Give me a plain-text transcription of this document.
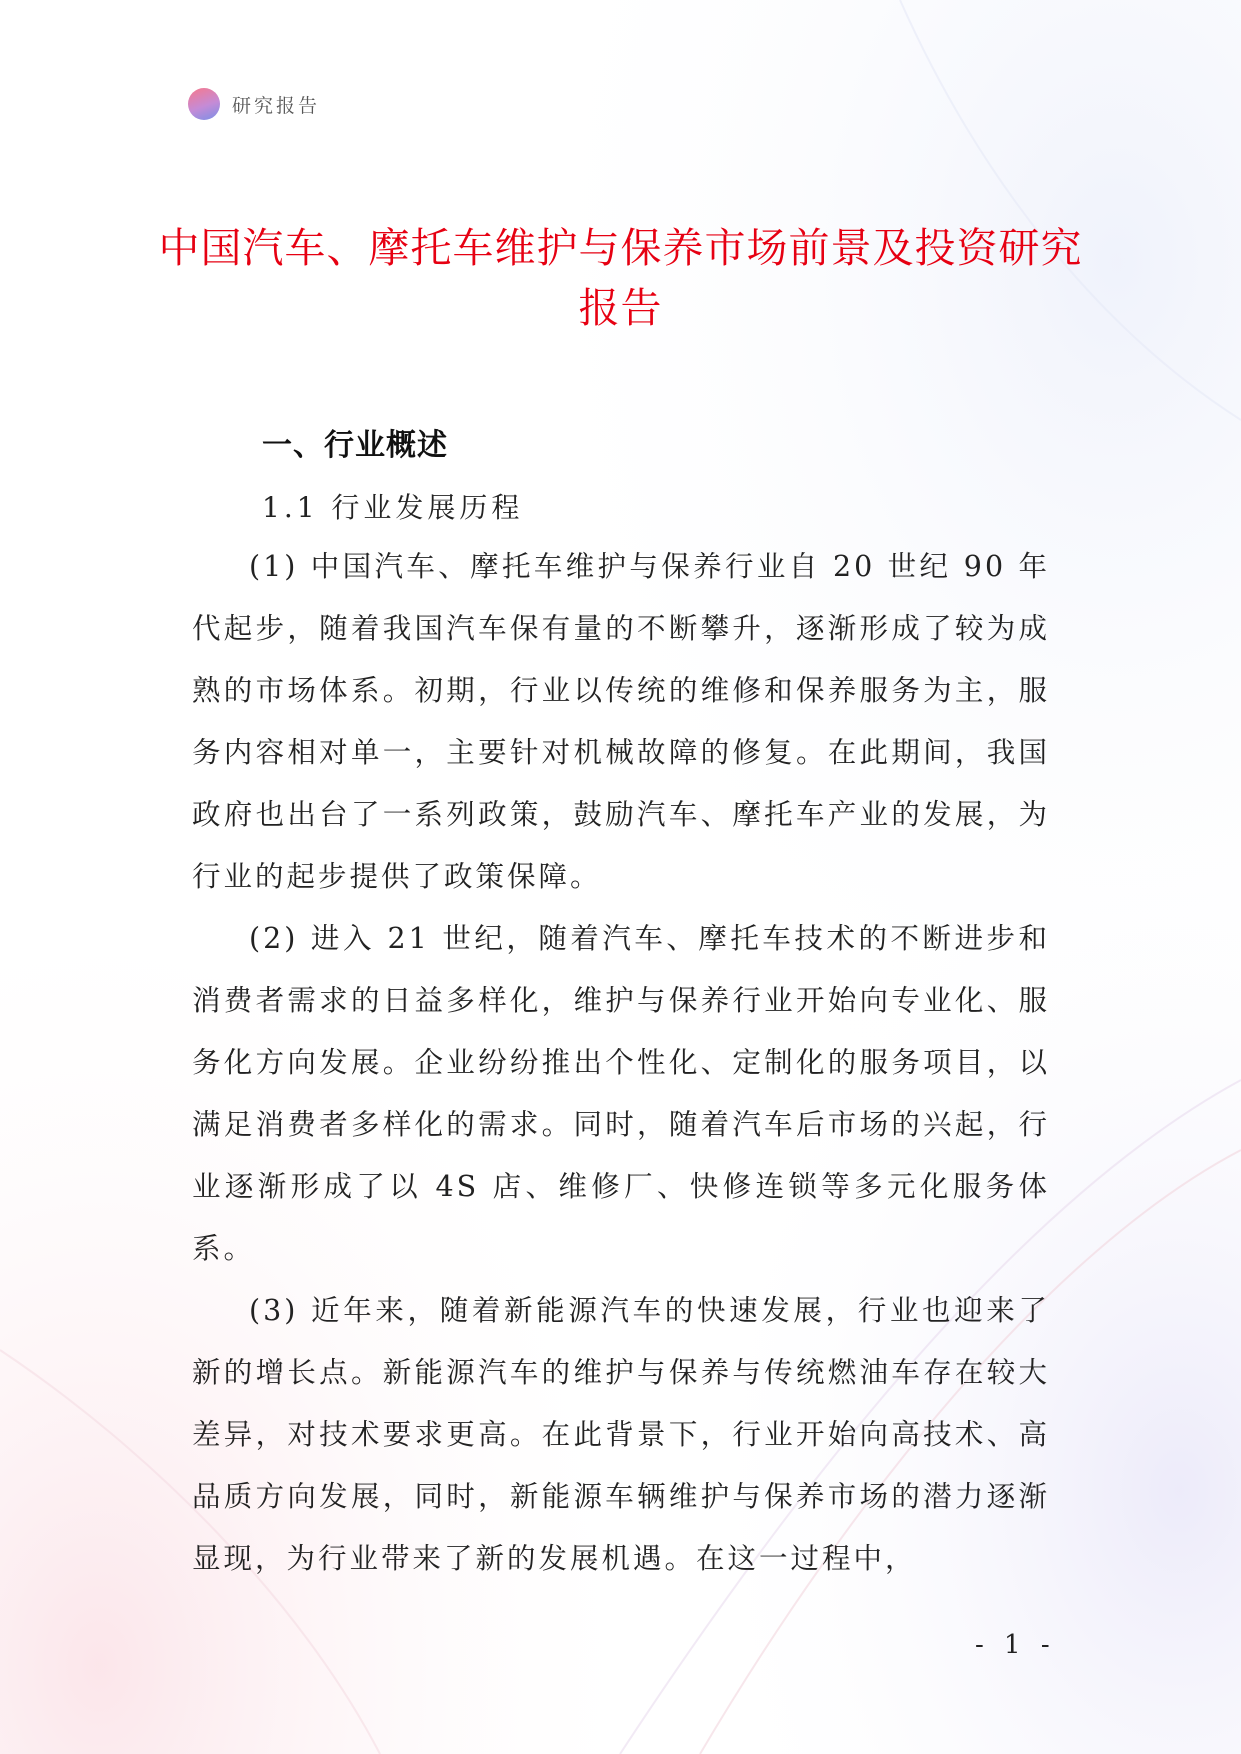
研究报告
中国汽车、摩托车维护与保养市场前景及投资研究报告
一、行业概述
1.1 行业发展历程

(1) 中国汽车、摩托车维护与保养行业自 20 世纪 90 年代起步，随着我国汽车保有量的不断攀升，逐渐形成了较为成熟的市场体系。初期，行业以传统的维修和保养服务为主，服务内容相对单一，主要针对机械故障的修复。在此期间，我国政府也出台了一系列政策，鼓励汽车、摩托车产业的发展，为行业的起步提供了政策保障。

(2) 进入 21 世纪，随着汽车、摩托车技术的不断进步和消费者需求的日益多样化，维护与保养行业开始向专业化、服务化方向发展。企业纷纷推出个性化、定制化的服务项目，以满足消费者多样化的需求。同时，随着汽车后市场的兴起，行业逐渐形成了以 4S 店、维修厂、快修连锁等多元化服务体系。

(3) 近年来，随着新能源汽车的快速发展，行业也迎来了新的增长点。新能源汽车的维护与保养与传统燃油车存在较大差异，对技术要求更高。在此背景下，行业开始向高技术、高品质方向发展，同时，新能源车辆维护与保养市场的潜力逐渐显现，为行业带来了新的发展机遇。在这一过程中，

- 1 -
